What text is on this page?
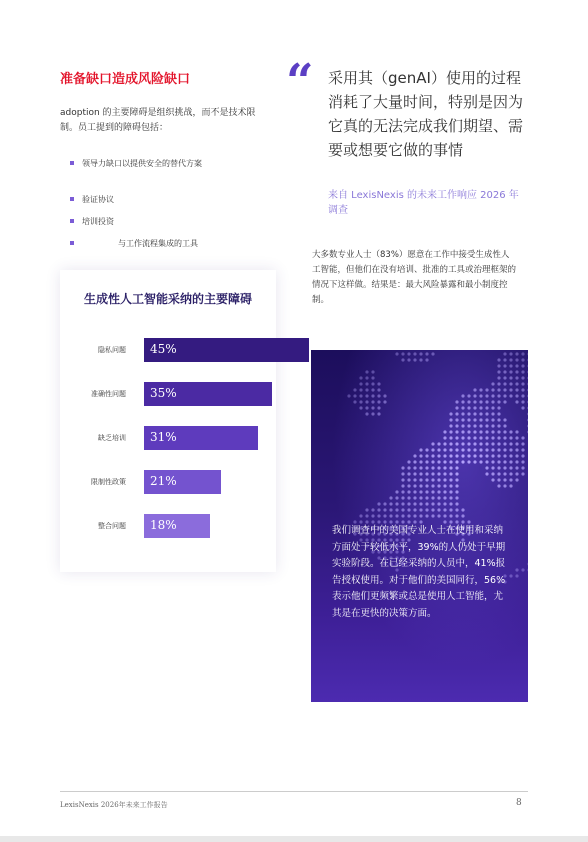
准备缺口造成风险缺口
adoption 的主要障碍是组织挑战，而不是技术限制。员工提到的障碍包括：
领导力缺口以提供安全的替代方案
验证协议
培训投资
与工作流程集成的工具
生成性人工智能采纳的主要障碍
隐私问题 45%
准确性问题 35%
缺乏培训 31%
限制性政策 21%
整合问题 18%
“ 采用其（genAI）使用的过程消耗了大量时间，特别是因为它真的无法完成我们期望、需要或想要它做的事情
来自 LexisNexis 的未来工作响应 2026 年调查
大多数专业人士（83%）愿意在工作中接受生成性人工智能，但他们在没有培训、批准的工具或治理框架的情况下这样做。结果是：最大风险暴露和最小制度控制。
我们调查中的美国专业人士在使用和采纳方面处于较低水平，39%的人仍处于早期实验阶段。在已经采纳的人员中，41%报告授权使用。对于他们的美国同行，56%表示他们更频繁或总是使用人工智能，尤其是在更快的决策方面。
LexisNexis 2026年未来工作报告	8
